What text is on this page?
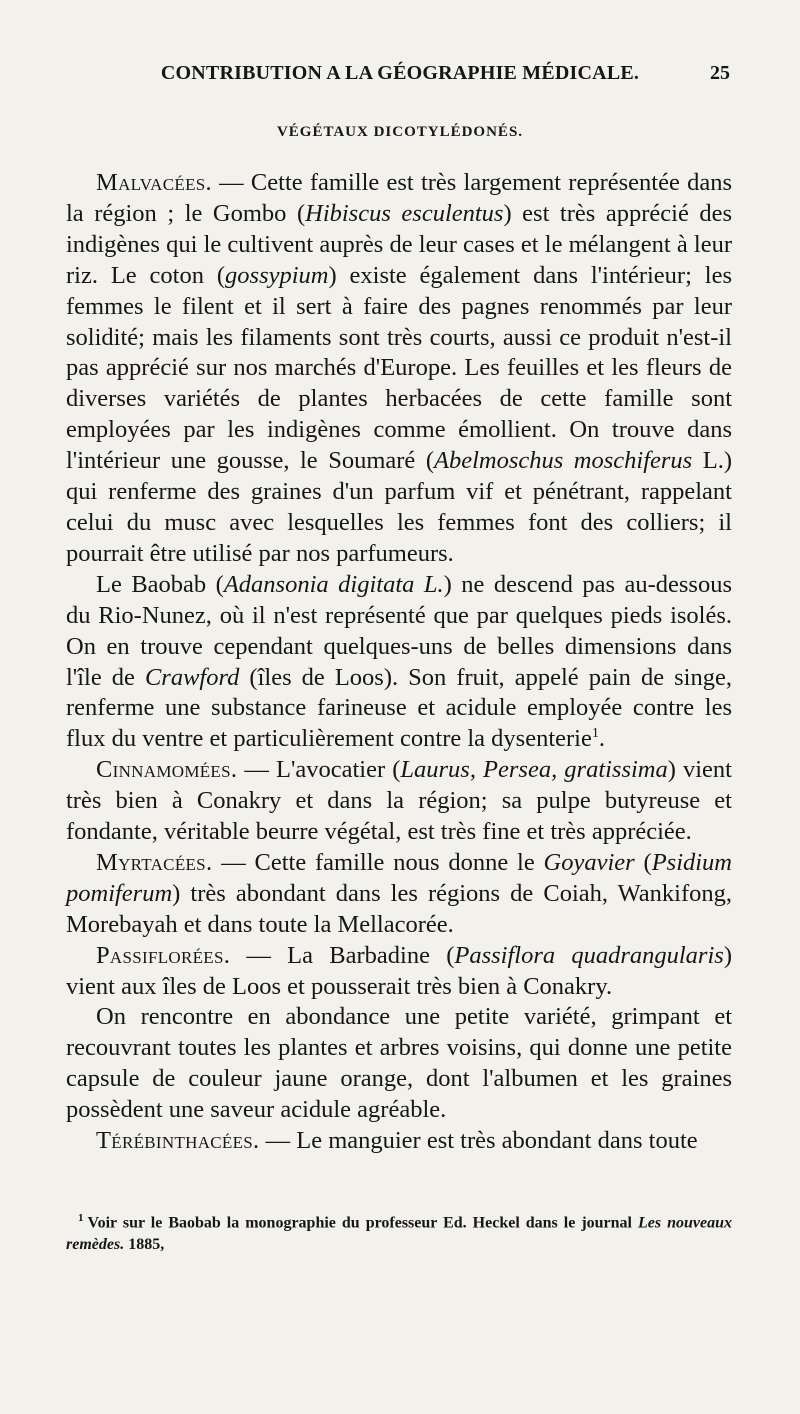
CONTRIBUTION A LA GÉOGRAPHIE MÉDICALE.	25
VÉGÉTAUX DICOTYLÉDONÉS.

Malvacées. — Cette famille est très largement représentée dans la région ; le Gombo (Hibiscus esculentus) est très apprécié des indigènes qui le cultivent auprès de leur cases et le mélangent à leur riz. Le coton (gossypium) existe également dans l'intérieur; les femmes le filent et il sert à faire des pagnes renommés par leur solidité; mais les filaments sont très courts, aussi ce produit n'est-il pas apprécié sur nos marchés d'Europe. Les feuilles et les fleurs de diverses variétés de plantes herbacées de cette famille sont employées par les indigènes comme émollient. On trouve dans l'intérieur une gousse, le Soumaré (Abelmoschus moschiferus L.) qui renferme des graines d'un parfum vif et pénétrant, rappelant celui du musc avec lesquelles les femmes font des colliers; il pourrait être utilisé par nos parfumeurs.

Le Baobab (Adansonia digitata L.) ne descend pas au-dessous du Rio-Nunez, où il n'est représenté que par quelques pieds isolés. On en trouve cependant quelques-uns de belles dimensions dans l'île de Crawford (îles de Loos). Son fruit, appelé pain de singe, renferme une substance farineuse et acidule employée contre les flux du ventre et particulièrement contre la dysenterie$^1$.

Cinnamomées. — L'avocatier (Laurus, Persea, gratissima) vient très bien à Conakry et dans la région; sa pulpe butyreuse et fondante, véritable beurre végétal, est très fine et très appréciée.

Myrtacées. — Cette famille nous donne le Goyavier (Psidium pomiferum) très abondant dans les régions de Coiah, Wankifong, Morebayah et dans toute la Mellacorée.

Passiflorées. — La Barbadine (Passiflora quadrangularis) vient aux îles de Loos et pousserait très bien à Conakry.

On rencontre en abondance une petite variété, grimpant et recouvrant toutes les plantes et arbres voisins, qui donne une petite capsule de couleur jaune orange, dont l'albumen et les graines possèdent une saveur acidule agréable.

Térébinthacées. — Le manguier est très abondant dans toute

$^1$ Voir sur le Baobab la monographie du professeur Ed. Heckel dans le journal Les nouveaux remèdes. 1885,
